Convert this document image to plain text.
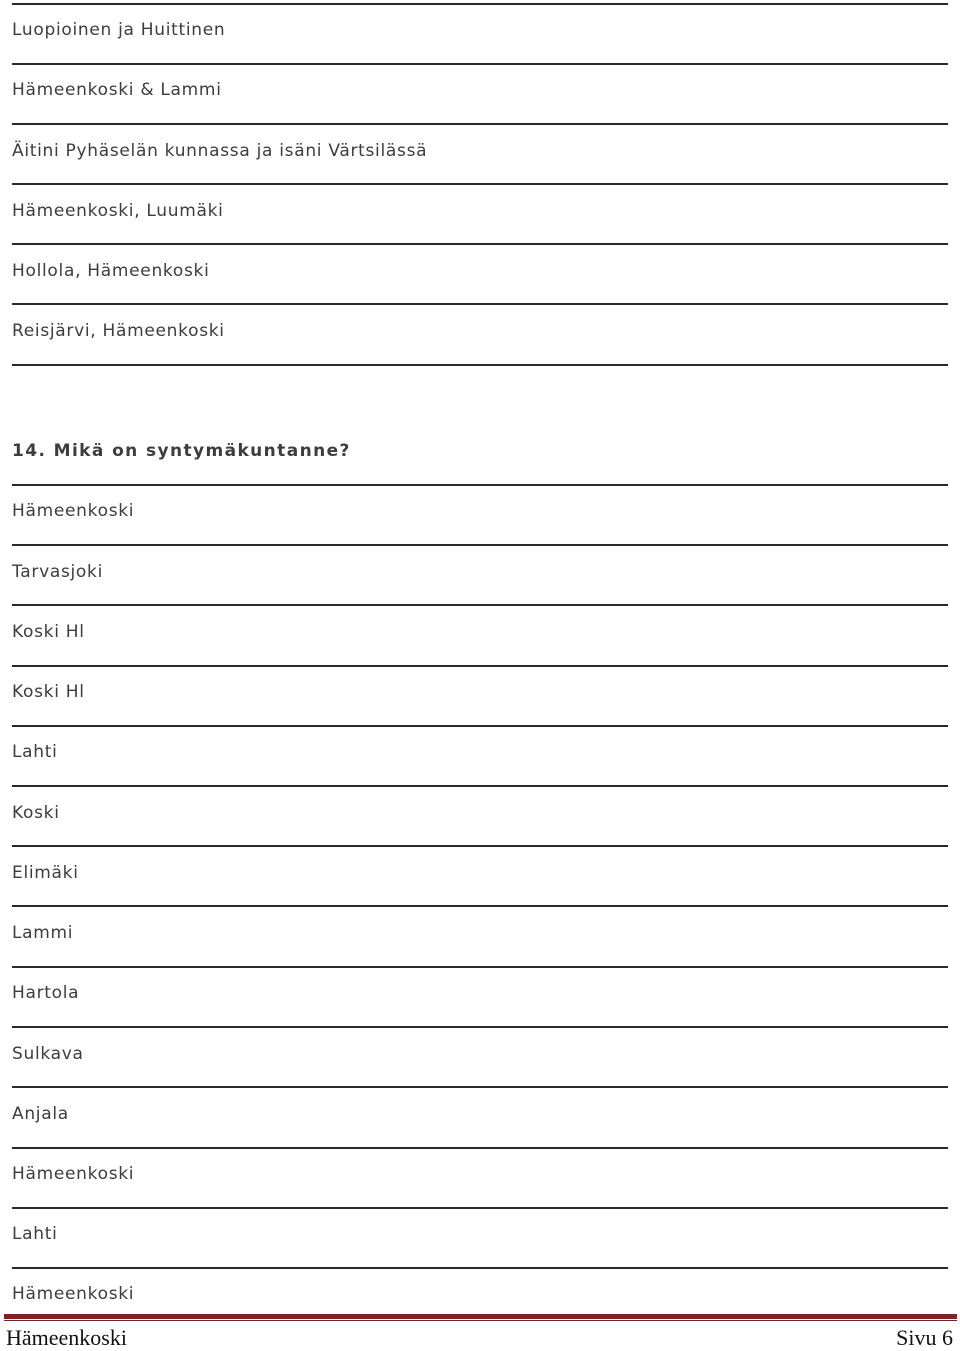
Luopioinen ja Huittinen
Hämeenkoski & Lammi
Äitini Pyhäselän kunnassa ja isäni Värtsilässä
Hämeenkoski, Luumäki
Hollola, Hämeenkoski
Reisjärvi, Hämeenkoski
14. Mikä on syntymäkuntanne?
Hämeenkoski
Tarvasjoki
Koski Hl
Koski Hl
Lahti
Koski
Elimäki
Lammi
Hartola
Sulkava
Anjala
Hämeenkoski
Lahti
Hämeenkoski
Hämeenkoski	Sivu 6
